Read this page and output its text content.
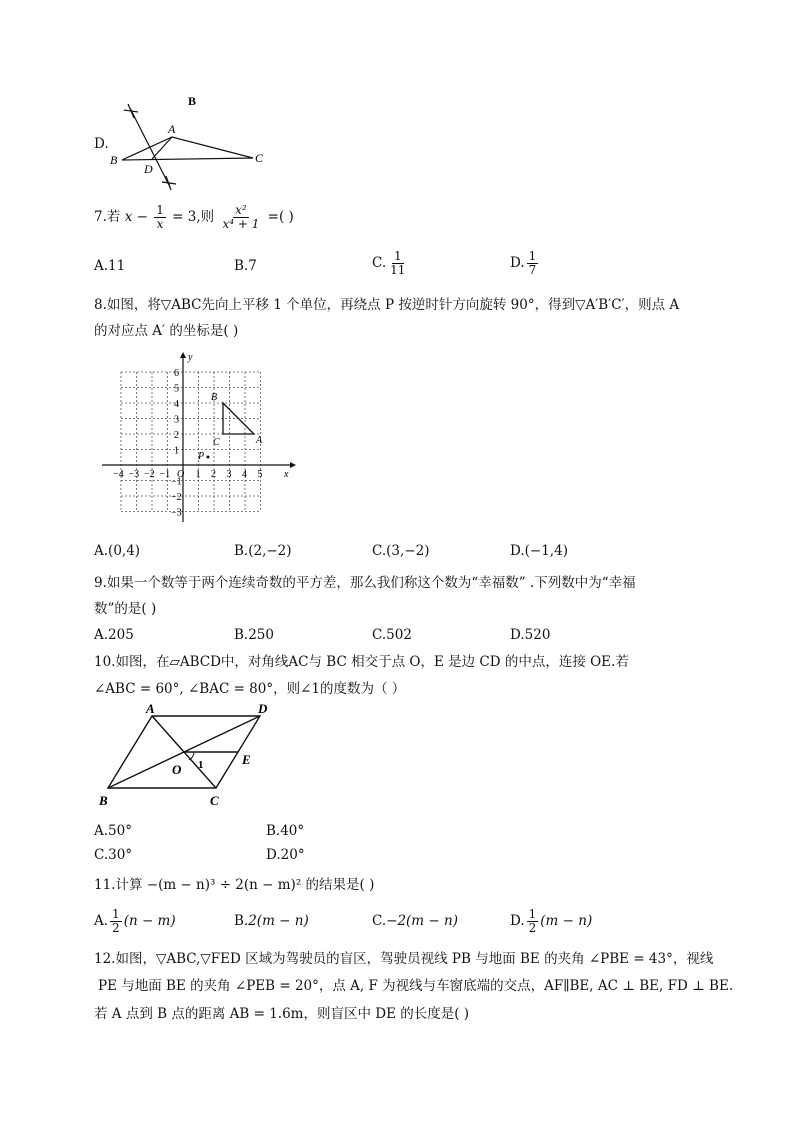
D.
B
A
B	C
D
7.若 $x - \frac{1}{x} = 3$,则 $\frac{\text{x²}}{\text{x⁴ + 1}}$ =( )
A.11	B.7	C. $\frac{1}{11}$	D. $\frac{1}{7}$
8.如图，将▽ABC先向上平移 1 个单位，再绕点 P 按逆时针方向旋转 90°，得到▽A′B′C′，则点 A
的对应点 A′ 的坐标是( )
y
x
O
−4 −3 −2 −1	1 2 3 4 5
6
5
4
3
2
1
−1
−2
−3
B
C	A
P
A.(0,4)	B.(2,−2)	C.(3,−2)	D.(−1,4)
9.如果一个数等于两个连续奇数的平方差，那么我们称这个数为“幸福数” .下列数中为“幸福
数”的是( )
A.205	B.250	C.502	D.520
10.如图，在▱ABCD中，对角线AC与 BC 相交于点 O，E 是边 CD 的中点，连接 OE.若
∠ABC = 60°, ∠BAC = 80°，则∠1的度数为（ ）
A	D
B	C
E
O 1
A.50°	B.40°
C.30°	D.20°
11.计算 −(m − n)³ ÷ 2(n − m)² 的结果是( )
A. $\frac{1}{2} (n - m)$	B.2(m − n)	C.−2(m − n)	D. $\frac{1}{2} (m - n)$
12.如图，▽ABC,▽FED 区域为驾驶员的盲区，驾驶员视线 PB 与地面 BE 的夹角 ∠PBE = 43°，视线
PE 与地面 BE 的夹角 ∠PEB = 20°，点 A, F 为视线与车窗底端的交点，AF∥BE, AC ⊥ BE, FD ⊥ BE.
若 A 点到 B 点的距离 AB = 1.6m，则盲区中 DE 的长度是( )
